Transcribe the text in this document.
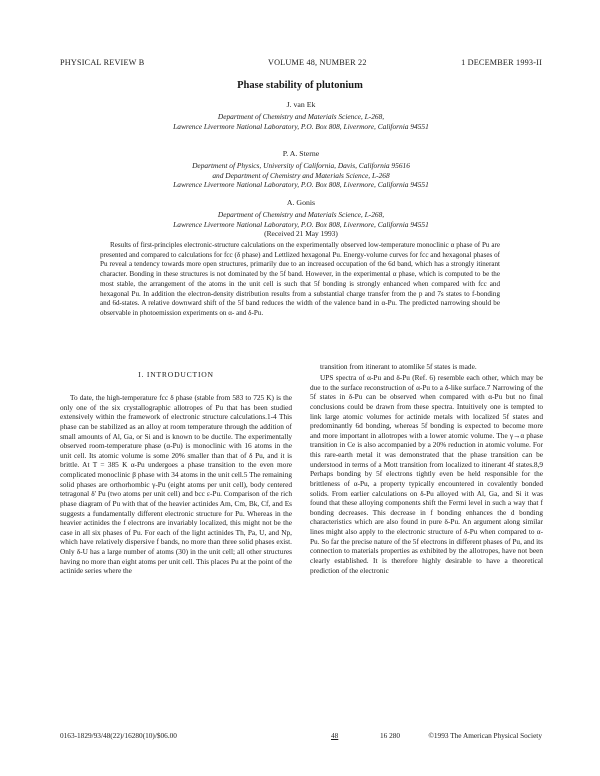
PHYSICAL REVIEW B	VOLUME 48, NUMBER 22	1 DECEMBER 1993-II
Phase stability of plutonium
J. van Ek
Department of Chemistry and Materials Science, L-268,
Lawrence Livermore National Laboratory, P.O. Box 808, Livermore, California 94551
P. A. Sterne
Department of Physics, University of California, Davis, California 95616
and Department of Chemistry and Materials Science, L-268
Lawrence Livermore National Laboratory, P.O. Box 808, Livermore, California 94551
A. Gonis
Department of Chemistry and Materials Science, L-268,
Lawrence Livermore National Laboratory, P.O. Box 808, Livermore, California 94551
(Received 21 May 1993)

Results of first-principles electronic-structure calculations on the experimentally observed low-temperature monoclinic α phase of Pu are presented and compared to calculations for fcc (δ phase) and Lettlized hexagonal Pu. Energy-volume curves for fcc and hexagonal phases of Pu reveal a tendency towards more open structures, primarily due to an increased occupation of the 6d band, which has a strongly itinerant character. Bonding in these structures is not dominated by the 5f band. However, in the experimental α phase, which is computed to be the most stable, the arrangement of the atoms in the unit cell is such that 5f bonding is strongly enhanced when compared with fcc and hexagonal Pu. In addition the electron-density distribution results from a substantial charge transfer from the p and 7s states to f-bonding and 6d-states. A relative downward shift of the 5f band reduces the width of the valence band in α-Pu. The predicted narrowing should be observable in photoemission experiments on α- and δ-Pu.

I. INTRODUCTION

To date, the high-temperature fcc δ phase (stable from 583 to 725 K) is the only one of the six crystallographic allotropes of Pu that has been studied extensively within the framework of electronic structure calculations.1-4 This phase can be stabilized as an alloy at room temperature through the addition of small amounts of Al, Ga, or Si and is known to be ductile. The experimentally observed room-temperature phase (α-Pu) is monoclinic with 16 atoms in the unit cell. Its atomic volume is some 20% smaller than that of δ Pu, and it is brittle. At T = 385 K α-Pu undergoes a phase transition to the even more complicated monoclinic β phase with 34 atoms in the unit cell.5 The remaining solid phases are orthorhombic γ-Pu (eight atoms per unit cell), body centered tetragonal δ' Pu (two atoms per unit cell) and bcc ε-Pu. Comparison of the rich phase diagram of Pu with that of the heavier actinides Am, Cm, Bk, Cf, and Es suggests a fundamentally different electronic structure for Pu. Whereas in the heavier actinides the f electrons are invariably localized, this might not be the case in all six phases of Pu. For each of the light actinides Th, Pa, U, and Np, which have relatively dispersive f bands, no more than three solid phases exist. Only δ-U has a large number of atoms (30) in the unit cell; all other structures having no more than eight atoms per unit cell. This places Pu at the point of the actinide series where the

transition from itinerant to atomlike 5f states is made.

UPS spectra of α-Pu and δ-Pu (Ref. 6) resemble each other, which may be due to the surface reconstruction of α-Pu to a δ-like surface.7 Narrowing of the 5f states in δ-Pu can be observed when compared with α-Pu but no final conclusions could be drawn from these spectra. Intuitively one is tempted to link large atomic volumes for actinide metals with localized 5f states and predominantly 6d bonding, whereas 5f bonding is expected to become more and more important in allotropes with a lower atomic volume. The γ→α phase transition in Ce is also accompanied by a 20% reduction in atomic volume. For this rare-earth metal it was demonstrated that the phase transition can be understood in terms of a Mott transition from localized to itinerant 4f states.8,9 Perhaps bonding by 5f electrons tightly even be held responsible for the brittleness of α-Pu, a property typically encountered in covalently bonded solids. From earlier calculations on δ-Pu alloyed with Al, Ga, and Si it was found that these alloying components shift the Fermi level in such a way that f bonding decreases. This decrease in f bonding enhances the d bonding characteristics which are also found in pure δ-Pu. An argument along similar lines might also apply to the electronic structure of δ-Pu when compared to α-Pu. So far the precise nature of the 5f electrons in different phases of Pu, and its connection to materials properties as exhibited by the allotropes, have not been clearly established. It is therefore highly desirable to have a theoretical prediction of the electronic

0163-1829/93/48(22)/16280(10)/$06.00	48	16 280	©1993 The American Physical Society
